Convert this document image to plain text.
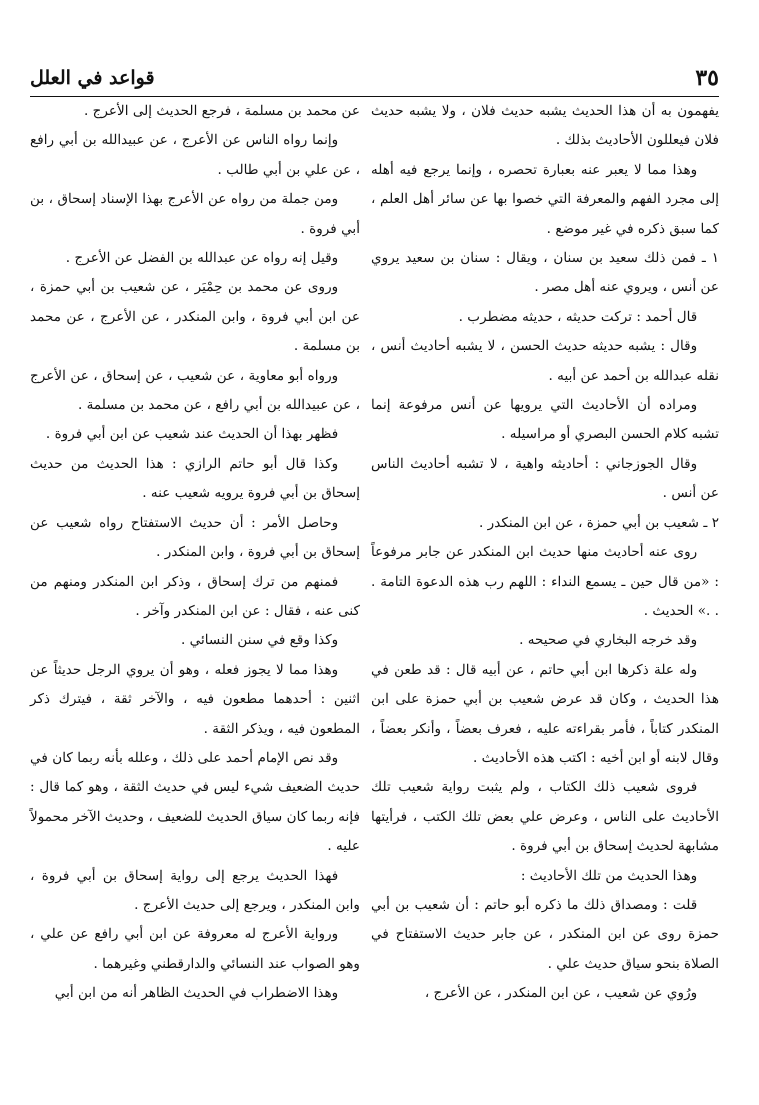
٣٥
قواعد في العلل

يفهمون به أن هذا الحديث يشبه حديث فلان ، ولا يشبه حديث فلان فيعللون الأحاديث بذلك .

وهذا مما لا يعبر عنه بعبارة تحصره ، وإنما يرجع فيه أهله إلى مجرد الفهم والمعرفة التي خصوا بها عن سائر أهل العلم ، كما سبق ذكره في غير موضع .

١ ـ فمن ذلك سعيد بن سنان ، ويقال : سنان بن سعيد يروي عن أنس ، ويروي عنه أهل مصر .

قال أحمد : تركت حديثه ، حديثه مضطرب .

وقال : يشبه حديثه حديث الحسن ، لا يشبه أحاديث أنس ، نقله عبدالله بن أحمد عن أبيه .

ومراده أن الأحاديث التي يرويها عن أنس مرفوعة إنما تشبه كلام الحسن البصري أو مراسيله .

وقال الجوزجاني : أحاديثه واهية ، لا تشبه أحاديث الناس عن أنس .

٢ ـ شعيب بن أبي حمزة ، عن ابن المنكدر .

روى عنه أحاديث منها حديث ابن المنكدر عن جابر مرفوعاً : «من قال حين ـ يسمع النداء : اللهم رب هذه الدعوة التامة . . .» الحديث .

وقد خرجه البخاري في صحيحه .

وله علة ذكرها ابن أبي حاتم ، عن أبيه قال : قد طعن في هذا الحديث ، وكان قد عرض شعيب بن أبي حمزة على ابن المنكدر كتاباً ، فأمر بقراءته عليه ، فعرف بعضاً ، وأنكر بعضاً ، وقال لابنه أو ابن أخيه : اكتب هذه الأحاديث .

فروى شعيب ذلك الكتاب ، ولم يثبت رواية شعيب تلك الأحاديث على الناس ، وعرض علي بعض تلك الكتب ، فرأيتها مشابهة لحديث إسحاق بن أبي فروة .

وهذا الحديث من تلك الأحاديث :

قلت : ومصداق ذلك ما ذكره أبو حاتم : أن شعيب بن أبي حمزة روى عن ابن المنكدر ، عن جابر حديث الاستفتاح في الصلاة بنحو سياق حديث علي .

ورُوي عن شعيب ، عن ابن المنكدر ، عن الأعرج ،

عن محمد بن مسلمة ، فرجع الحديث إلى الأعرج .

وإنما رواه الناس عن الأعرج ، عن عبيدالله بن أبي رافع ، عن علي بن أبي طالب .

ومن جملة من رواه عن الأعرج بهذا الإسناد إسحاق ، بن أبي فروة .

وقيل إنه رواه عن عبدالله بن الفضل عن الأعرج .

وروى عن محمد بن حِمْيَر ، عن شعيب بن أبي حمزة ، عن ابن أبي فروة ، وابن المنكدر ، عن الأعرج ، عن محمد بن مسلمة .

ورواه أبو معاوية ، عن شعيب ، عن إسحاق ، عن الأعرج ، عن عبيدالله بن أبي رافع ، عن محمد بن مسلمة .

فظهر بهذا أن الحديث عند شعيب عن ابن أبي فروة .

وكذا قال أبو حاتم الرازي : هذا الحديث من حديث إسحاق بن أبي فروة يرويه شعيب عنه .

وحاصل الأمر : أن حديث الاستفتاح رواه شعيب عن إسحاق بن أبي فروة ، وابن المنكدر .

فمنهم من ترك إسحاق ، وذكر ابن المنكدر ومنهم من كنى عنه ، فقال : عن ابن المنكدر وآخر .

وكذا وقع في سنن النسائي .

وهذا مما لا يجوز فعله ، وهو أن يروي الرجل حديثاً عن اثنين : أحدهما مطعون فيه ، والآخر ثقة ، فيترك ذكر المطعون فيه ، ويذكر الثقة .

وقد نص الإمام أحمد على ذلك ، وعلله بأنه ربما كان في حديث الضعيف شيء ليس في حديث الثقة ، وهو كما قال : فإنه ربما كان سياق الحديث للضعيف ، وحديث الآخر محمولاً عليه .

فهذا الحديث يرجع إلى رواية إسحاق بن أبي فروة ، وابن المنكدر ، ويرجع إلى حديث الأعرج .

ورواية الأعرج له معروفة عن ابن أبي رافع عن علي ، وهو الصواب عند النسائي والدارقطني وغيرهما .

وهذا الاضطراب في الحديث الظاهر أنه من ابن أبي
